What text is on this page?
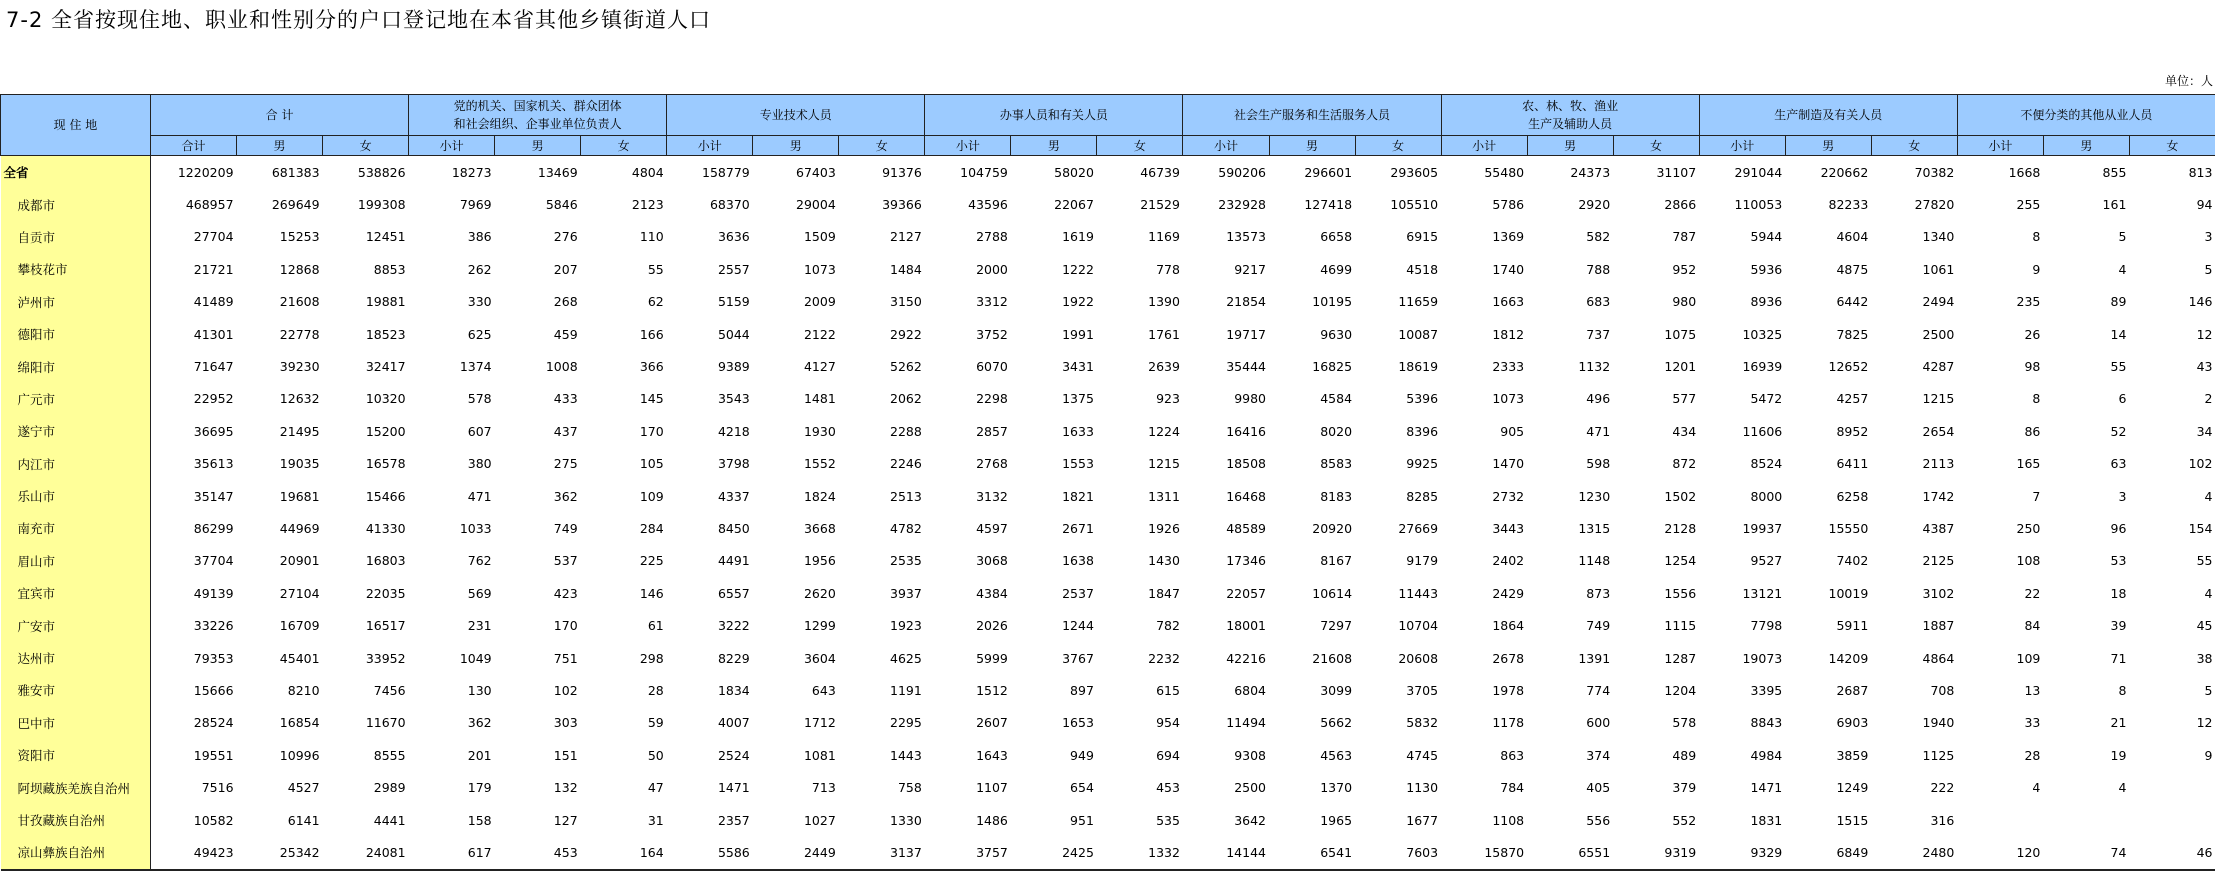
7-2 全省按现住地、职业和性别分的户口登记地在本省其他乡镇街道人口
单位：人
现 住 地	合 计			党的机关、国家机关、群众团体
和社会组织、企事业单位负责人			专业技术人员			办事人员和有关人员			社会生产服务和生活服务人员			农、林、牧、渔业
生产及辅助人员			生产制造及有关人员			不便分类的其他从业人员		

	合计	男	女	小计	男	女	小计	男	女	小计	男	女	小计	男	女	小计	男	女	小计	男	女	小计	男	女
全省	1220209	681383	538826	18273	13469	4804	158779	67403	91376	104759	58020	46739	590206	296601	293605	55480	24373	31107	291044	220662	70382	1668	855	813
成都市	468957	269649	199308	7969	5846	2123	68370	29004	39366	43596	22067	21529	232928	127418	105510	5786	2920	2866	110053	82233	27820	255	161	94
自贡市	27704	15253	12451	386	276	110	3636	1509	2127	2788	1619	1169	13573	6658	6915	1369	582	787	5944	4604	1340	8	5	3
攀枝花市	21721	12868	8853	262	207	55	2557	1073	1484	2000	1222	778	9217	4699	4518	1740	788	952	5936	4875	1061	9	4	5
泸州市	41489	21608	19881	330	268	62	5159	2009	3150	3312	1922	1390	21854	10195	11659	1663	683	980	8936	6442	2494	235	89	146
德阳市	41301	22778	18523	625	459	166	5044	2122	2922	3752	1991	1761	19717	9630	10087	1812	737	1075	10325	7825	2500	26	14	12
绵阳市	71647	39230	32417	1374	1008	366	9389	4127	5262	6070	3431	2639	35444	16825	18619	2333	1132	1201	16939	12652	4287	98	55	43
广元市	22952	12632	10320	578	433	145	3543	1481	2062	2298	1375	923	9980	4584	5396	1073	496	577	5472	4257	1215	8	6	2
遂宁市	36695	21495	15200	607	437	170	4218	1930	2288	2857	1633	1224	16416	8020	8396	905	471	434	11606	8952	2654	86	52	34
内江市	35613	19035	16578	380	275	105	3798	1552	2246	2768	1553	1215	18508	8583	9925	1470	598	872	8524	6411	2113	165	63	102
乐山市	35147	19681	15466	471	362	109	4337	1824	2513	3132	1821	1311	16468	8183	8285	2732	1230	1502	8000	6258	1742	7	3	4
南充市	86299	44969	41330	1033	749	284	8450	3668	4782	4597	2671	1926	48589	20920	27669	3443	1315	2128	19937	15550	4387	250	96	154
眉山市	37704	20901	16803	762	537	225	4491	1956	2535	3068	1638	1430	17346	8167	9179	2402	1148	1254	9527	7402	2125	108	53	55
宜宾市	49139	27104	22035	569	423	146	6557	2620	3937	4384	2537	1847	22057	10614	11443	2429	873	1556	13121	10019	3102	22	18	4
广安市	33226	16709	16517	231	170	61	3222	1299	1923	2026	1244	782	18001	7297	10704	1864	749	1115	7798	5911	1887	84	39	45
达州市	79353	45401	33952	1049	751	298	8229	3604	4625	5999	3767	2232	42216	21608	20608	2678	1391	1287	19073	14209	4864	109	71	38
雅安市	15666	8210	7456	130	102	28	1834	643	1191	1512	897	615	6804	3099	3705	1978	774	1204	3395	2687	708	13	8	5
巴中市	28524	16854	11670	362	303	59	4007	1712	2295	2607	1653	954	11494	5662	5832	1178	600	578	8843	6903	1940	33	21	12
资阳市	19551	10996	8555	201	151	50	2524	1081	1443	1643	949	694	9308	4563	4745	863	374	489	4984	3859	1125	28	19	9
阿坝藏族羌族自治州	7516	4527	2989	179	132	47	1471	713	758	1107	654	453	2500	1370	1130	784	405	379	1471	1249	222	4	4	
甘孜藏族自治州	10582	6141	4441	158	127	31	2357	1027	1330	1486	951	535	3642	1965	1677	1108	556	552	1831	1515	316			
凉山彝族自治州	49423	25342	24081	617	453	164	5586	2449	3137	3757	2425	1332	14144	6541	7603	15870	6551	9319	9329	6849	2480	120	74	46
